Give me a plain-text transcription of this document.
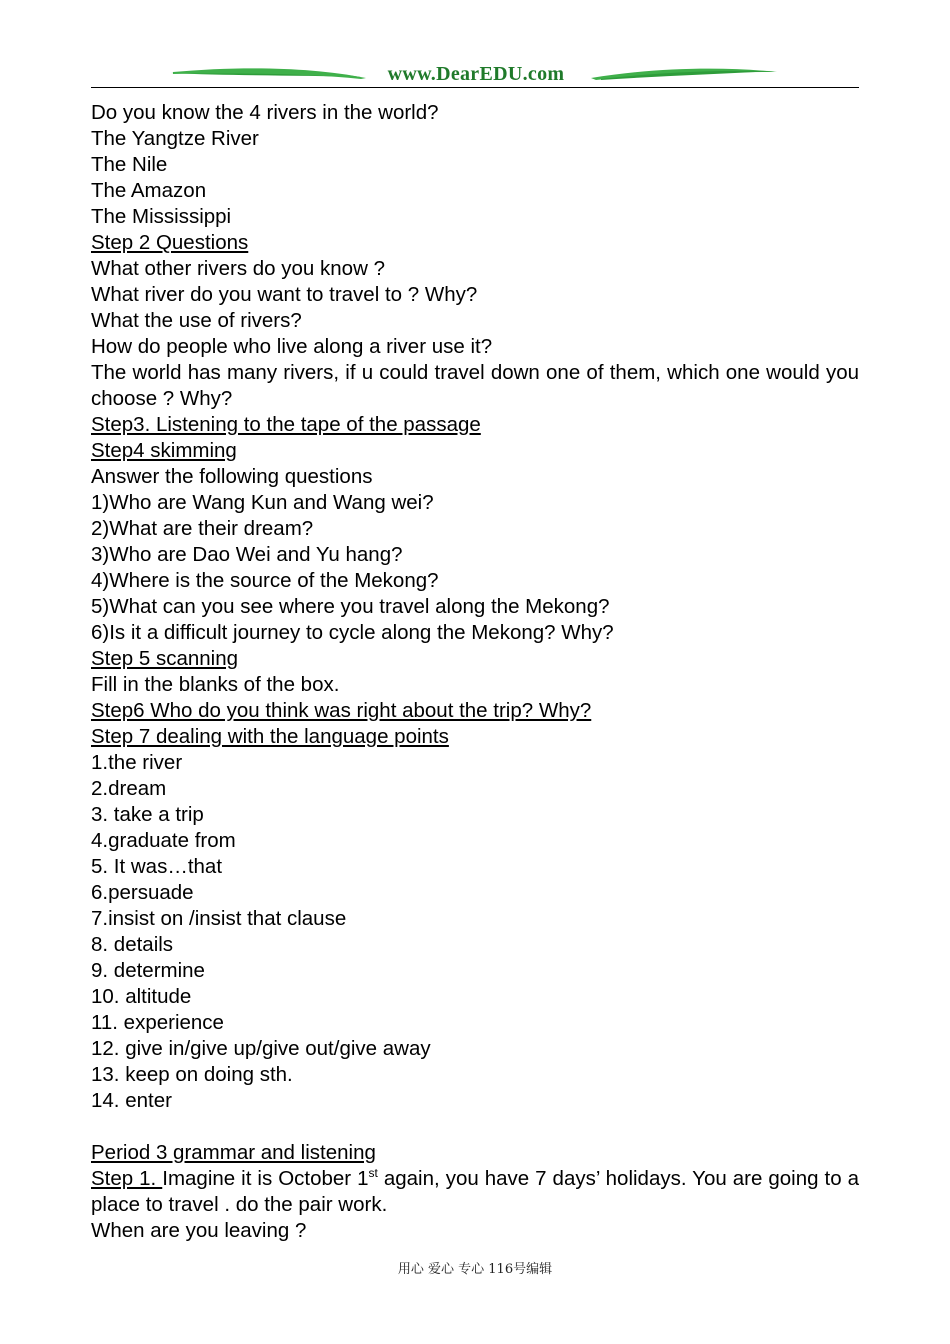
www.DearEDU.com
Do you know the 4 rivers in the world?
The Yangtze River
The Nile
The Amazon
The Mississippi
Step 2 Questions
What other rivers do you know ?
What river do you want to travel to ? Why?
What the use of rivers?
How do people who live along a river use it?
The world has many rivers, if u could travel down one of them, which one would you choose ? Why?
Step3. Listening to the tape of the passage
Step4 skimming
Answer the following questions
1)Who are Wang Kun and Wang wei?
2)What are their dream?
3)Who are Dao Wei and Yu hang?
4)Where is the source of the Mekong?
5)What can you see where you travel along the Mekong?
6)Is it a difficult journey to cycle along the Mekong? Why?
Step 5 scanning
Fill in the blanks of the box.
Step6 Who do you think was right about the trip? Why?
Step 7 dealing with the language points
1.the river
2.dream
3. take a trip
4.graduate from
5. It was…that
6.persuade
7.insist on /insist that clause
8. details
9. determine
10. altitude
11. experience
12. give in/give up/give out/give away
13. keep on doing sth.
14. enter
Period 3 grammar and listening
Step 1. Imagine it is October 1st again, you have 7 days’ holidays. You are going to a place to travel . do the pair work.
When are you leaving ?
用心 爱心 专心 116号编辑
